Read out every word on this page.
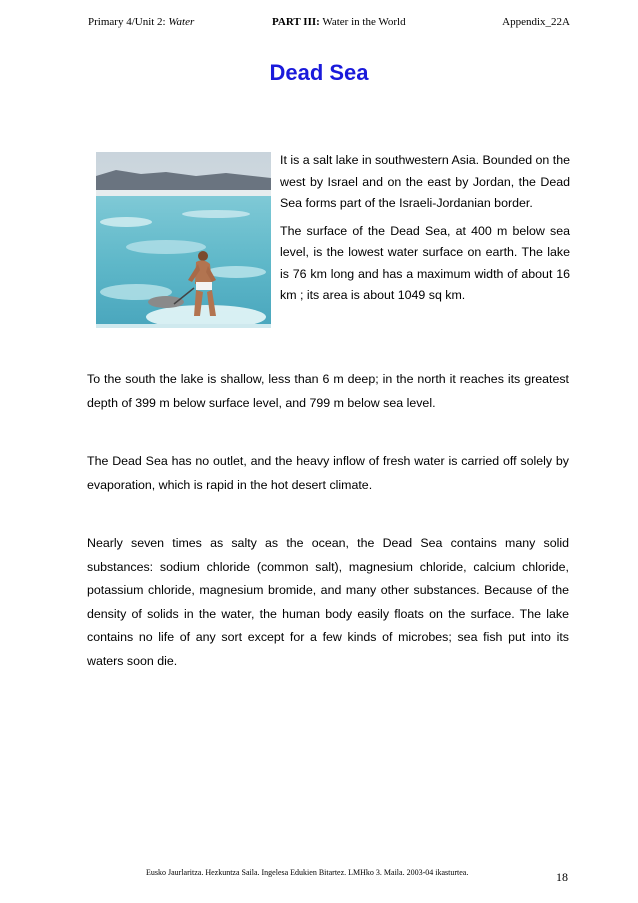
Primary 4/Unit 2: Water	PART III: Water in the World	Appendix_22A
Dead Sea

It is a salt lake in southwestern Asia. Bounded on the west by Israel and on the east by Jordan, the Dead Sea forms part of the Israeli-Jordanian border.

The surface of the Dead Sea, at 400 m below sea level, is the lowest water surface on earth. The lake is 76 km long and has a maximum width of about 16 km ; its area is about 1049 sq km.

To the south the lake is shallow, less than 6 m deep; in the north it reaches its greatest depth of 399 m below surface level, and 799 m below sea level.

The Dead Sea has no outlet, and the heavy inflow of fresh water is carried off solely by evaporation, which is rapid in the hot desert climate.

Nearly seven times as salty as the ocean, the Dead Sea contains many solid substances: sodium chloride (common salt), magnesium chloride, calcium chloride, potassium chloride, magnesium bromide, and many other substances. Because of the density of solids in the water, the human body easily floats on the surface. The lake contains no life of any sort except for a few kinds of microbes; sea fish put into its waters soon die.

Eusko Jaurlaritza. Hezkuntza Saila. Ingelesa Edukien Bitartez. LMHko 3. Maila. 2003-04 ikasturtea.	18
